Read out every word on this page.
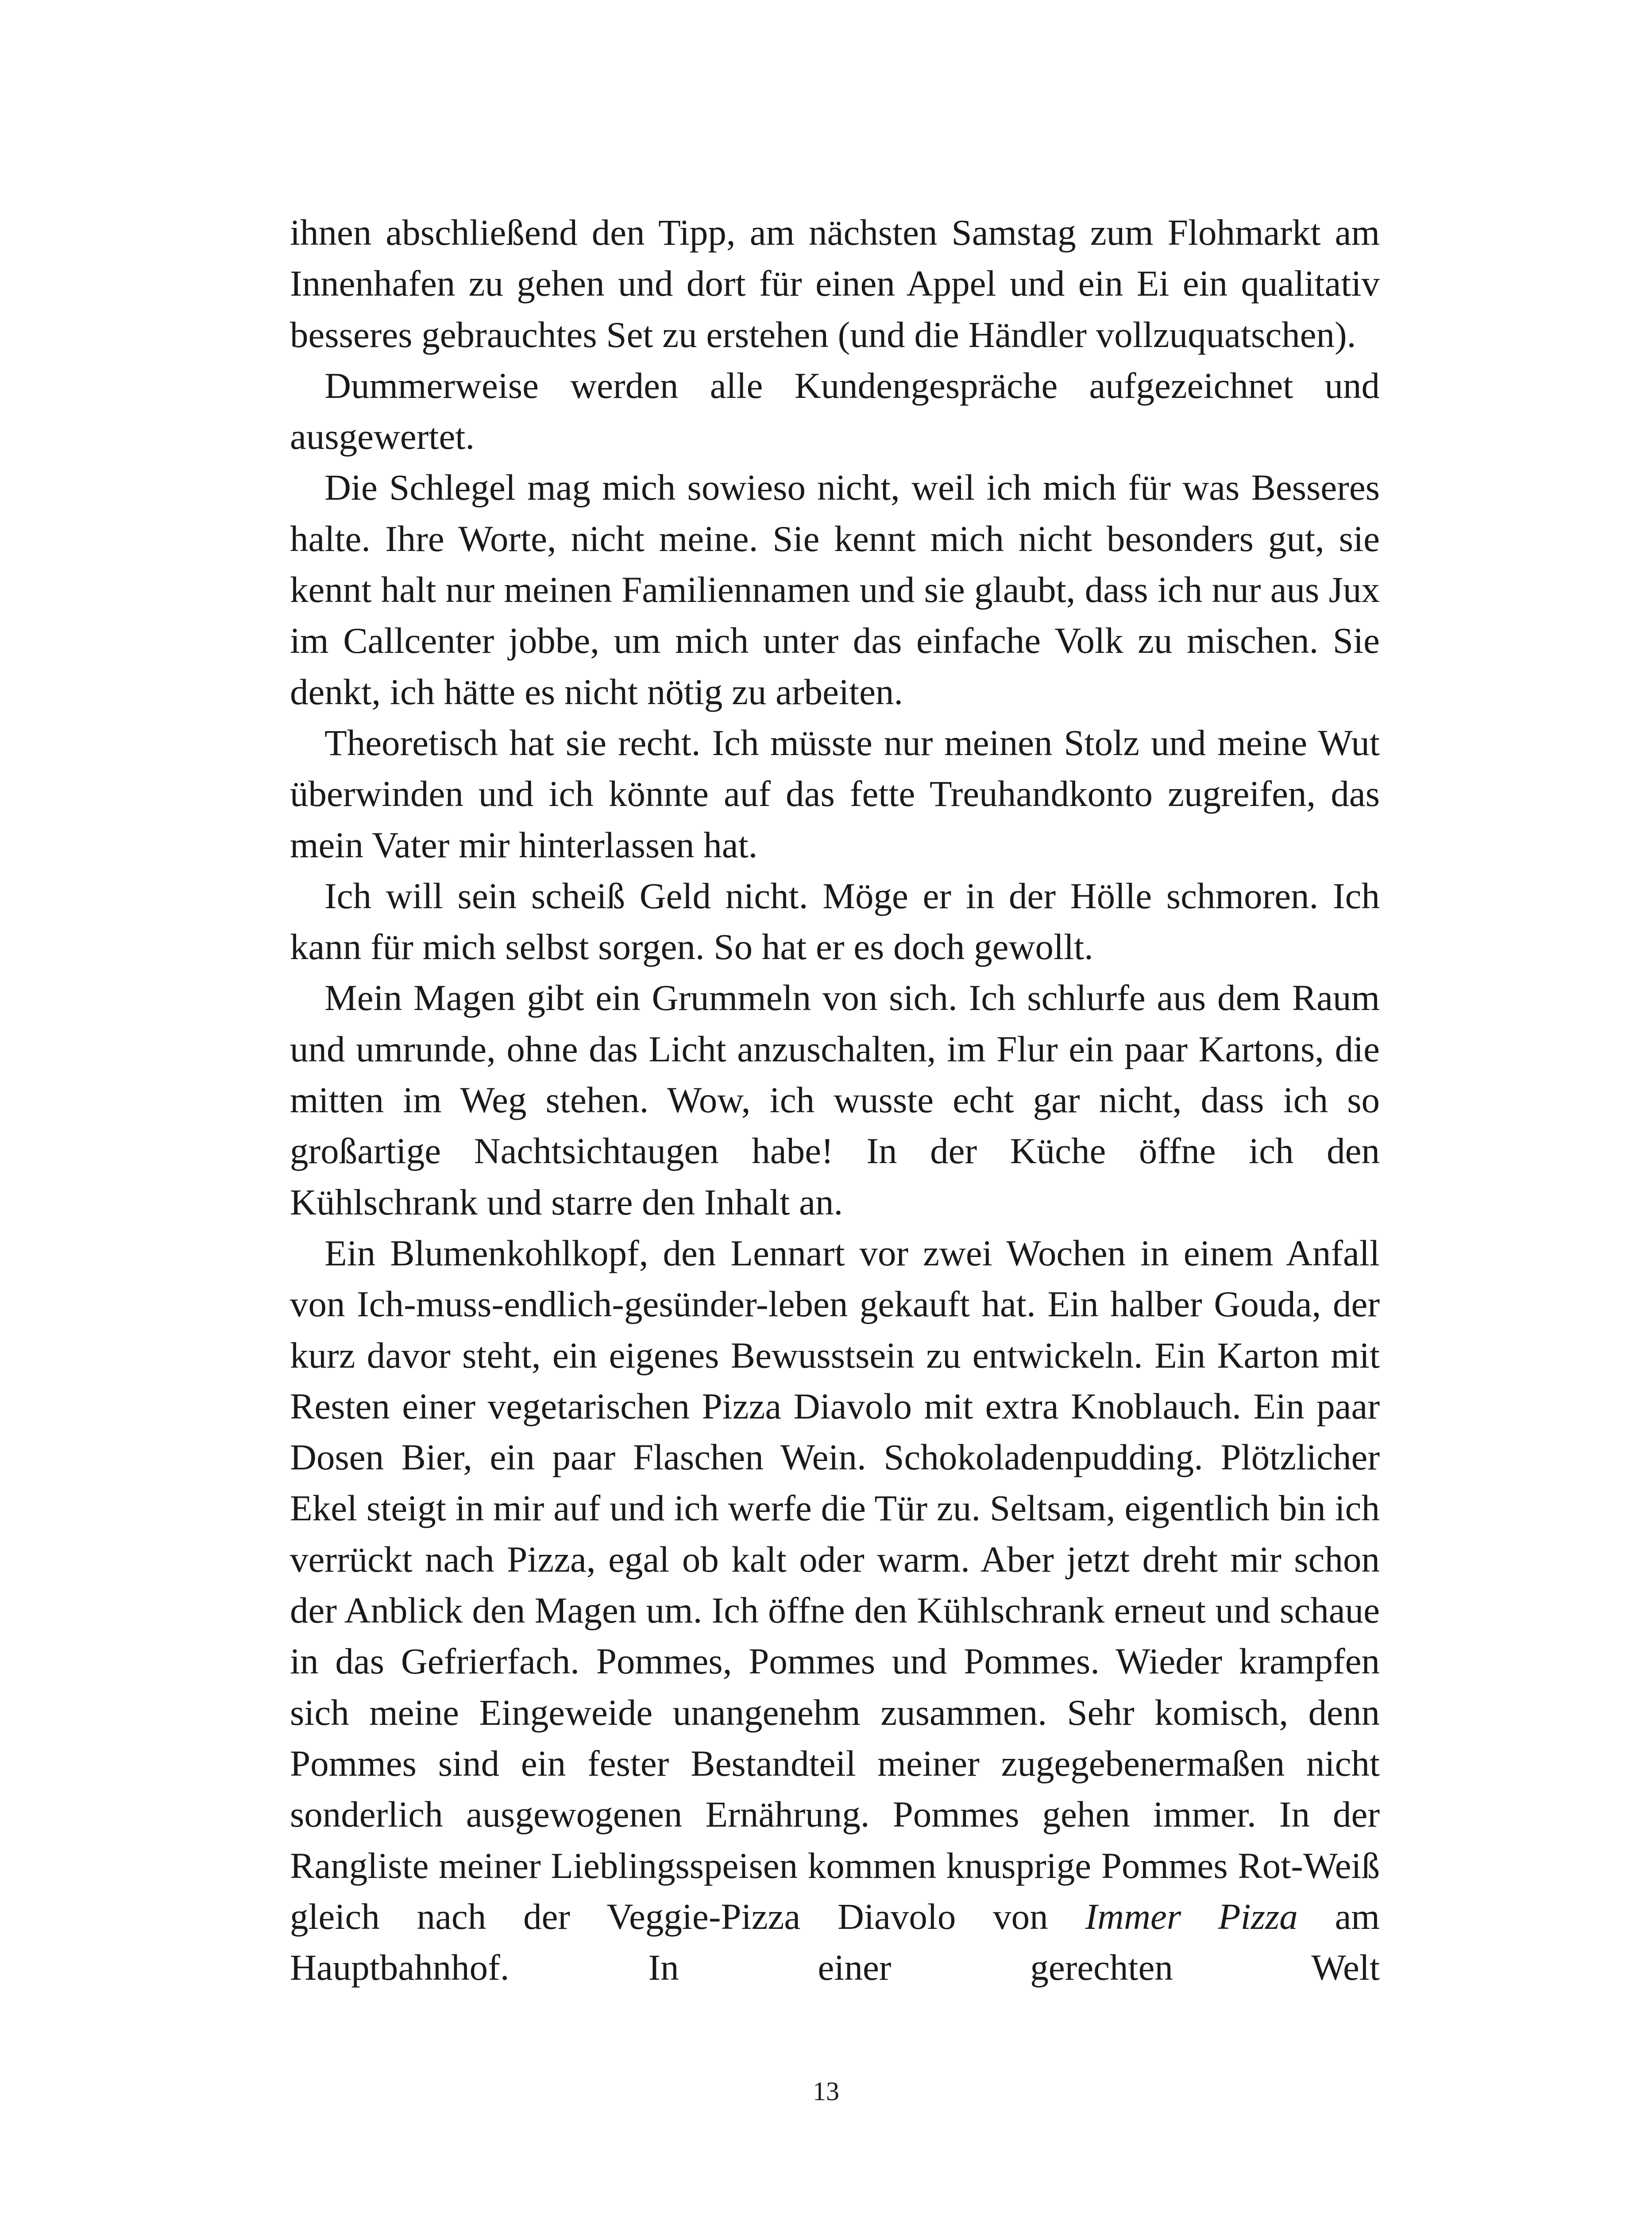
ihnen abschließend den Tipp, am nächsten Samstag zum Flohmarkt am Innenhafen zu gehen und dort für einen Appel und ein Ei ein qualitativ besseres gebrauchtes Set zu erstehen (und die Händler vollzuquatschen).

Dummerweise werden alle Kundengespräche aufgezeichnet und ausgewertet.

Die Schlegel mag mich sowieso nicht, weil ich mich für was Besseres halte. Ihre Worte, nicht meine. Sie kennt mich nicht besonders gut, sie kennt halt nur meinen Familiennamen und sie glaubt, dass ich nur aus Jux im Callcenter jobbe, um mich unter das einfache Volk zu mischen. Sie denkt, ich hätte es nicht nötig zu arbeiten.

Theoretisch hat sie recht. Ich müsste nur meinen Stolz und meine Wut überwinden und ich könnte auf das fette Treuhandkonto zugreifen, das mein Vater mir hinterlassen hat.

Ich will sein scheiß Geld nicht. Möge er in der Hölle schmoren. Ich kann für mich selbst sorgen. So hat er es doch gewollt.

Mein Magen gibt ein Grummeln von sich. Ich schlurfe aus dem Raum und umrunde, ohne das Licht anzuschalten, im Flur ein paar Kartons, die mitten im Weg stehen. Wow, ich wusste echt gar nicht, dass ich so großartige Nachtsichtaugen habe! In der Küche öffne ich den Kühlschrank und starre den Inhalt an.

Ein Blumenkohlkopf, den Lennart vor zwei Wochen in einem Anfall von Ich-muss-endlich-gesünder-leben gekauft hat. Ein halber Gouda, der kurz davor steht, ein eigenes Bewusstsein zu entwickeln. Ein Karton mit Resten einer vegetarischen Pizza Diavolo mit extra Knoblauch. Ein paar Dosen Bier, ein paar Flaschen Wein. Schokoladenpudding. Plötzlicher Ekel steigt in mir auf und ich werfe die Tür zu. Seltsam, eigentlich bin ich verrückt nach Pizza, egal ob kalt oder warm. Aber jetzt dreht mir schon der Anblick den Magen um. Ich öffne den Kühlschrank erneut und schaue in das Gefrierfach. Pommes, Pommes und Pommes. Wieder krampfen sich meine Eingeweide unangenehm zusammen. Sehr komisch, denn Pommes sind ein fester Bestandteil meiner zugegebenermaßen nicht sonderlich ausgewogenen Ernährung. Pommes gehen immer. In der Rangliste meiner Lieblingsspeisen kommen knusprige Pommes Rot-Weiß gleich nach der Veggie-Pizza Diavolo von Immer Pizza am Hauptbahnhof. In einer gerechten Welt

13
